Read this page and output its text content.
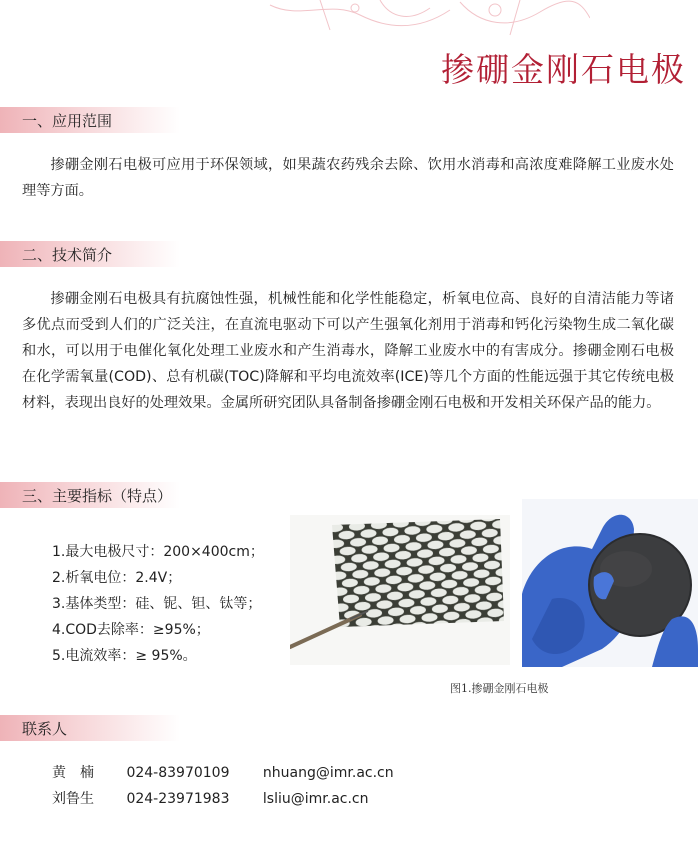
掺硼金刚石电极
一、应用范围

掺硼金刚石电极可应用于环保领域，如果蔬农药残余去除、饮用水消毒和高浓度难降解工业废水处理等方面。

二、技术简介

掺硼金刚石电极具有抗腐蚀性强，机械性能和化学性能稳定，析氧电位高、良好的自清洁能力等诸多优点而受到人们的广泛关注，在直流电驱动下可以产生强氧化剂用于消毒和钙化污染物生成二氧化碳和水，可以用于电催化氧化处理工业废水和产生消毒水，降解工业废水中的有害成分。掺硼金刚石电极在化学需氧量(COD)、总有机碳(TOC)降解和平均电流效率(ICE)等几个方面的性能远强于其它传统电极材料，表现出良好的处理效果。金属所研究团队具备制备掺硼金刚石电极和开发相关环保产品的能力。

三、主要指标（特点）
1.最大电极尺寸：200×400cm；
2.析氧电位：2.4V；
3.基体类型：硅、铌、钽、钛等；
4.COD去除率：≥95%；
5.电流效率：≥ 95%。
图1.掺硼金刚石电极
联系人
黄　楠 024-83970109 nhuang@imr.ac.cn
刘鲁生 024-23971983 lsliu@imr.ac.cn
